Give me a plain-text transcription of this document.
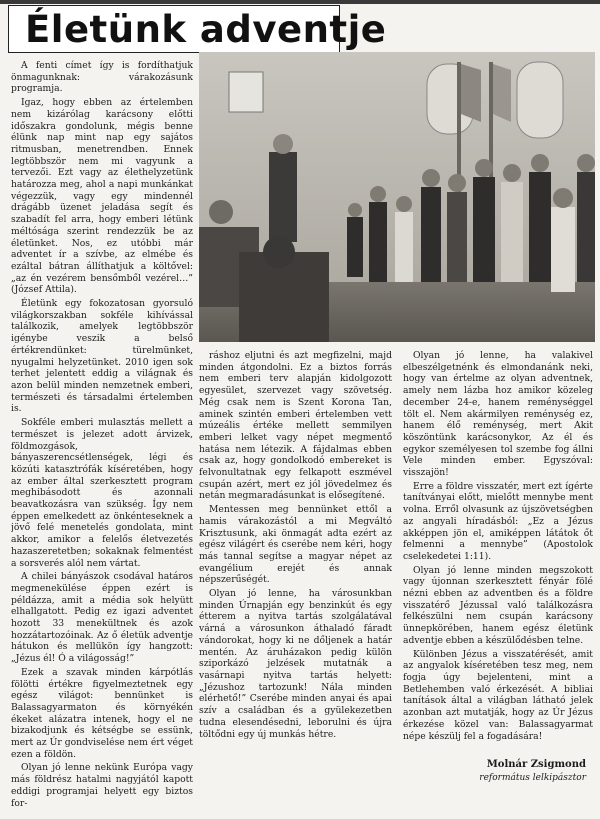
Életünk adventje

A fenti címet így is fordíthatjuk önmagunknak: várakozásunk programja.

Igaz, hogy ebben az értelemben nem kizárólag karácsony előtti időszakra gondolunk, mégis benne élünk nap mint nap egy sajátos ritmusban, menetrendben. Ennek legtöbbször nem mi vagyunk a tervezői. Ezt vagy az élethelyzetünk határozza meg, ahol a napi munkánkat végezzük, vagy egy mindennél drágább üzenet jeladása segít és szabadít fel arra, hogy emberi létünk méltósága szerint rendezzük be az életünket. Nos, ez utóbbi már adventet ír a szívbe, az elmébe és ezáltal bátran állíthatjuk a költővel: „az én vezérem bensőmből vezérel…” (József Attila).

Életünk egy fokozatosan gyorsuló világkorszakban sokféle kihívással találkozik, amelyek legtöbbször igénybe veszik a belső értékrendünket: türelmünket, nyugalmi helyzetünket. 2010 igen sok terhet jelentett eddig a világnak és azon belül minden nemzetnek emberi, természeti és társadalmi értelemben is.

Sokféle emberi mulasztás mellett a természet is jelezet adott árvizek, földmozgások, bányaszerencsétlenségek, légi és közúti katasztrófák kíséretében, hogy az ember által szerkesztett program meghibásodott és azonnali beavatkozásra van szükség. Így nem éppen emelkedett az önkénteseknek a jövő felé menetelés gondolata, mint akkor, amikor a felelős életvezetés hazaszeretetben; sokaknak felmentést a sorsverés alól nem vártat.

A chilei bányászok csodával határos megmenekülése éppen ezért is példázza, amit a média sok helyütt elhallgatott. Pedig ez igazi adventet hozott 33 menekültnek és azok hozzátartozóinak. Az ő életük adventje hátukon és mellükön így hangzott: „Jézus él! Ó a világosság!”

Ezek a szavak minden kárpótlás fölötti értékre figyelmeztetnek egy egész világot: bennünket is Balassagyarmaton és környékén ékeket alázatra intenek, hogy el ne bizakodjunk és kétségbe se essünk, mert az Úr gondviselése nem ért véget ezen a földön.

Olyan jó lenne nekünk Európa vagy más földrész hatalmi nagyjától kapott eddigi programjai helyett egy biztos for-

ráshoz eljutni és azt megfizelni, majd minden átgondolni. Ez a biztos forrás nem emberi terv alapján kidolgozott egyesület, szervezet vagy szövetség. Még csak nem is Szent Korona Tan, aminek szintén emberi értelemben vett múzeális értéke mellett semmilyen emberi lelket vagy népet megmentő hatása nem létezik. A fájdalmas ebben csak az, hogy gondolkodó embereket is felvonultatnak egy felkapott eszmével csupán azért, mert ez jól jövedelmez és netán megmaradásunkat is elősegítené.

Mentessen meg bennünket ettől a hamis várakozástól a mi Megváltó Krisztusunk, aki önmagát adta ezért az egész világért és cserébe nem kéri, hogy más tannal segítse a magyar népet az evangélium erejét és annak népszerűségét.

Olyan jó lenne, ha városunkban minden Úrnapján egy benzinkút és egy étterem a nyitva tartás szolgálatával várná a városunkon áthaladó fáradt vándorokat, hogy ki ne dőljenek a határ mentén. Az áruházakon pedig külön sziporkázó jelzések mutatnák a vasárnapi nyitva tartás helyett: „Jézushoz tartozunk! Nála minden elérhető!” Cserébe minden anyai és apai szív a családban és a gyülekezetben tudna elesendésedni, leborulni és újra töltődni egy új munkás hétre.

Olyan jó lenne, ha valakivel elbeszélgetnénk és elmondanánk neki, hogy van értelme az olyan adventnek, amely nem lázba hoz amikor közeleg december 24-e, hanem reménységgel tölt el. Nem akármilyen reménység ez, hanem élő reménység, mert Akit köszöntünk karácsonykor, Az él és egykor személyesen tol szembe fog állni Vele minden ember. Egyszóval: visszajön!

Erre a földre visszatér, mert ezt ígérte tanítványai előtt, mielőtt mennybe ment volna. Erről olvasunk az újszövetségben az angyali híradásból: „Ez a Jézus akképpen jön el, amiképpen látátok őt felmenni a mennybe” (Apostolok cselekedetei 1:11).

Olyan jó lenne minden megszokott vagy újonnan szerkesztett fényár fölé nézni ebben az adventben és a földre visszatérő Jézussal való találkozásra felkészülni nem csupán karácsony ünnepkörében, hanem egész életünk adventje ebben a készülődésben telne.

Különben Jézus a visszatérését, amit az angyalok kíséretében tesz meg, nem fogja úgy bejelenteni, mint a Betlehemben való érkezését. A bibliai tanítások által a világban látható jelek azonban azt mutatják, hogy az Úr Jézus érkezése közel van: Balassagyarmat népe készülj fel a fogadására!

Molnár Zsigmond
református lelkipásztor
